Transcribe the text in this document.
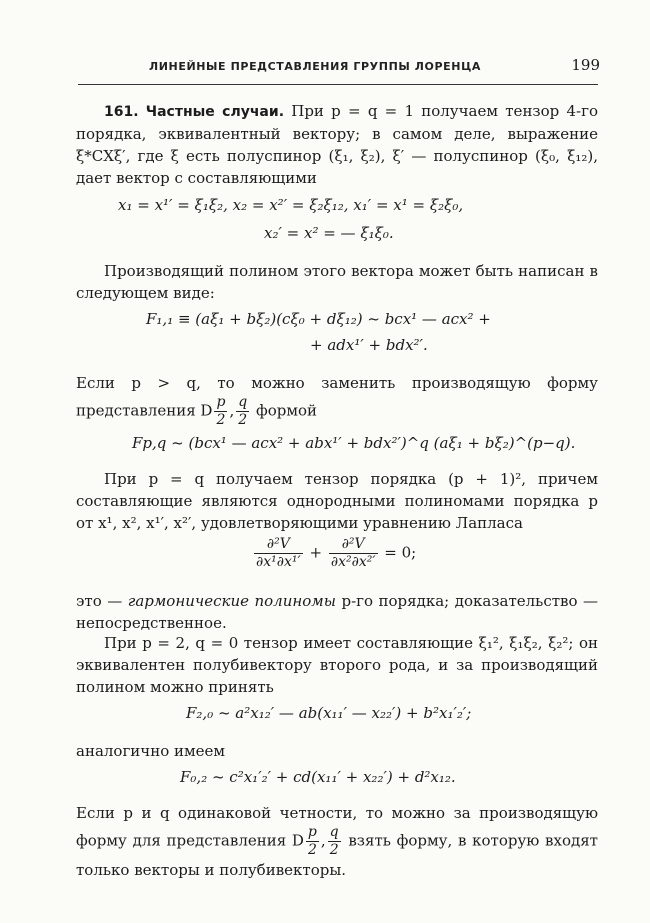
ЛИНЕЙНЫЕ ПРЕДСТАВЛЕНИЯ ГРУППЫ ЛОРЕНЦА	199

161. Частные случаи. При p = q = 1 получаем тензор 4-го порядка, эквивалентный вектору; в самом деле, выражение ξ*CXξ′, где ξ есть полуспинор (ξ₁, ξ₂), ξ′ — полуспинор (ξ₀, ξ₁₂), дает вектор с составляющими

x₁ = x¹′ = ξ₁ξ₂, x₂ = x²′ = ξ₂ξ₁₂, x₁′ = x¹ = ξ₂ξ₀,
x₂′ = x² = — ξ₁ξ₀.

Производящий полином этого вектора может быть написан в следующем виде:

F₁,₁ ≡ (aξ₁ + bξ₂)(cξ₀ + dξ₁₂) ~ bcx¹ — acx² +
+ adx¹′ + bdx²′.

Если p > q, то можно заменить производящую форму представления D $\frac{p}{2}$ , $\frac{q}{2}$ формой

Fp,q ~ (bcx¹ — acx² + abx¹′ + bdx²′)^q (aξ₁ + bξ₂)^(p−q).

При p = q получаем тензор порядка (p + 1)², причем составляющие являются однородными полиномами порядка p от x¹, x², x¹′, x²′, удовлетворяющими уравнению Лапласа

$\frac{\text{∂²V}}{\text{∂x¹∂x¹′}} + \frac{\text{∂²V}}{\text{∂x²∂x²′}} = 0$;

это — гармонические полиномы p-го порядка; доказательство — непосредственное.

При p = 2, q = 0 тензор имеет составляющие ξ₁², ξ₁ξ₂, ξ₂²; он эквивалентен полубивектору второго рода, и за производящий полином можно принять

F₂,₀ ~ a²x₁₂′ — ab(x₁₁′ — x₂₂′) + b²x₁′₂′;

аналогично имеем

F₀,₂ ~ c²x₁′₂′ + cd(x₁₁′ + x₂₂′) + d²x₁₂.

Если p и q одинаковой четности, то можно за производящую форму для представления D $\frac{p}{2}$ , $\frac{q}{2}$ взять форму, в которую входят только векторы и полубивекторы.
